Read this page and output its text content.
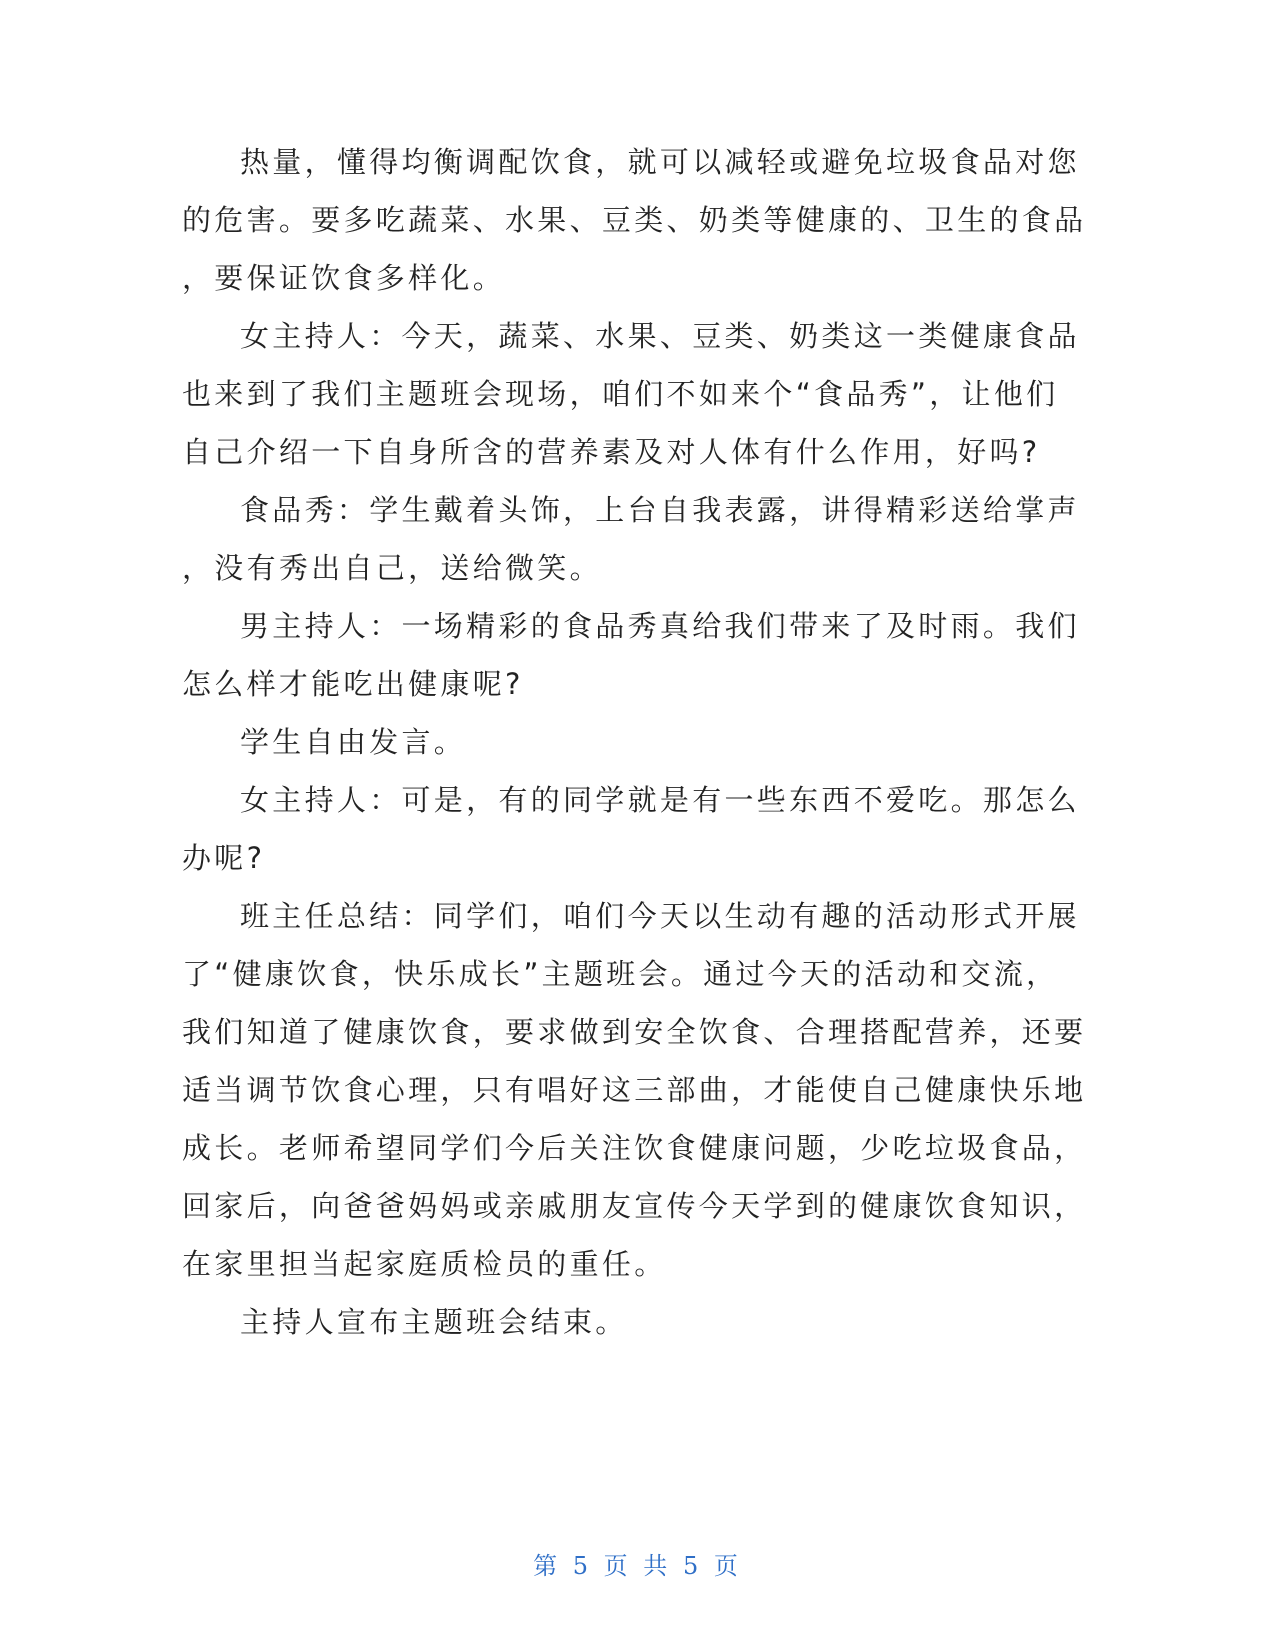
热量，懂得均衡调配饮食，就可以减轻或避免垃圾食品对您
的危害。要多吃蔬菜、水果、豆类、奶类等健康的、卫生的食品
，要保证饮食多样化。
女主持人：今天，蔬菜、水果、豆类、奶类这一类健康食品
也来到了我们主题班会现场，咱们不如来个“食品秀”，让他们
自己介绍一下自身所含的营养素及对人体有什么作用，好吗?
食品秀：学生戴着头饰，上台自我表露，讲得精彩送给掌声
，没有秀出自己，送给微笑。
男主持人：一场精彩的食品秀真给我们带来了及时雨。我们
怎么样才能吃出健康呢?
学生自由发言。
女主持人：可是，有的同学就是有一些东西不爱吃。那怎么
办呢?
班主任总结：同学们，咱们今天以生动有趣的活动形式开展
了“健康饮食，快乐成长”主题班会。通过今天的活动和交流，
我们知道了健康饮食，要求做到安全饮食、合理搭配营养，还要
适当调节饮食心理，只有唱好这三部曲，才能使自己健康快乐地
成长。老师希望同学们今后关注饮食健康问题，少吃垃圾食品，
回家后，向爸爸妈妈或亲戚朋友宣传今天学到的健康饮食知识，
在家里担当起家庭质检员的重任。
主持人宣布主题班会结束。
第 5 页 共 5 页
